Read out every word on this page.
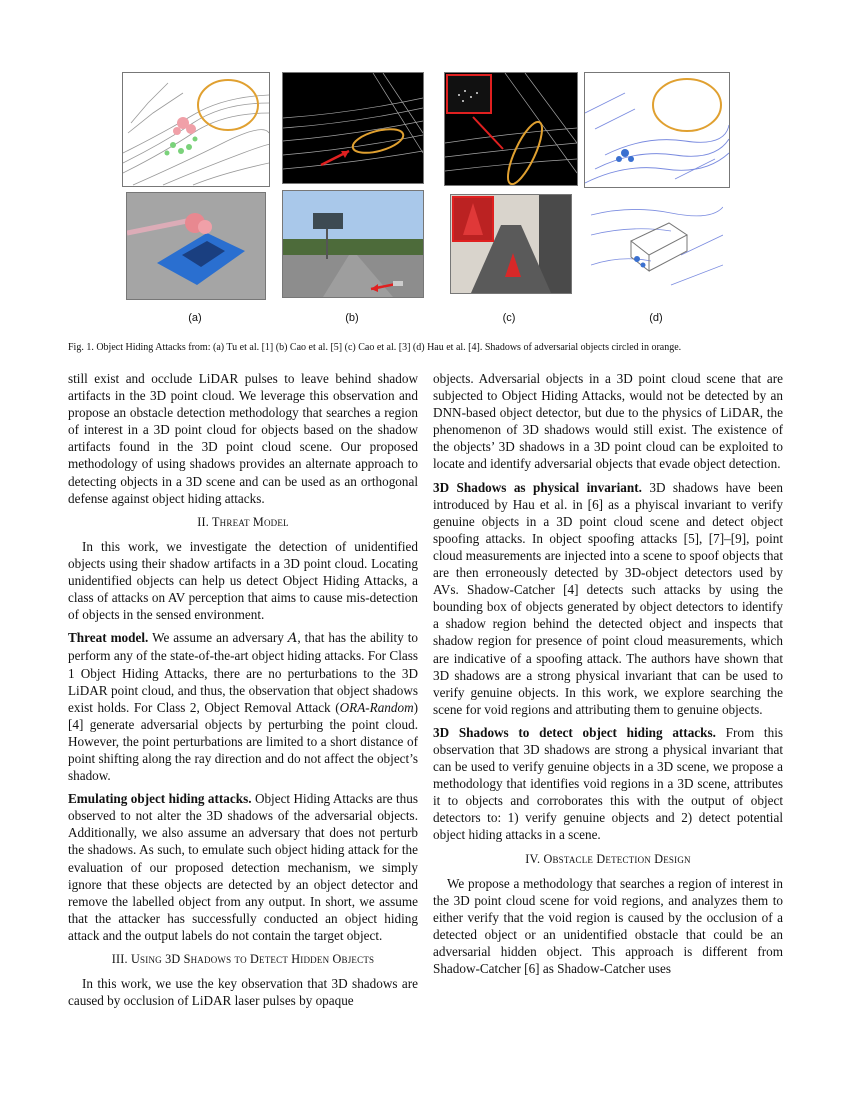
(a)	(b)	(c)	(d)
Fig. 1. Object Hiding Attacks from: (a) Tu et al. [1] (b) Cao et al. [5] (c) Cao et al. [3] (d) Hau et al. [4]. Shadows of adversarial objects circled in orange.

still exist and occlude LiDAR pulses to leave behind shadow artifacts in the 3D point cloud. We leverage this observation and propose an obstacle detection methodology that searches a region of interest in a 3D point cloud for objects based on the shadow artifacts found in the 3D point cloud scene. Our proposed methodology of using shadows provides an alternate approach to detecting objects in a 3D scene and can be used as an orthogonal defense against object hiding attacks.

II. Threat Model

In this work, we investigate the detection of unidentified objects using their shadow artifacts in a 3D point cloud. Locating unidentified objects can help us detect Object Hiding Attacks, a class of attacks on AV perception that aims to cause mis-detection of objects in the sensed environment.

Threat model. We assume an adversary A, that has the ability to perform any of the state-of-the-art object hiding attacks. For Class 1 Object Hiding Attacks, there are no perturbations to the 3D LiDAR point cloud, and thus, the observation that object shadows exist holds. For Class 2, Object Removal Attack (ORA-Random) [4] generate adversarial objects by perturbing the point cloud. However, the point perturbations are limited to a short distance of point shifting along the ray direction and do not affect the object’s shadow.

Emulating object hiding attacks. Object Hiding Attacks are thus observed to not alter the 3D shadows of the adversarial objects. Additionally, we also assume an adversary that does not perturb the shadows. As such, to emulate such object hiding attack for the evaluation of our proposed detection mechanism, we simply ignore that these objects are detected by an object detector and remove the labelled object from any output. In short, we assume that the attacker has successfully conducted an object hiding attack and the output labels do not contain the target object.

III. Using 3D Shadows to Detect Hidden Objects

In this work, we use the key observation that 3D shadows are caused by occlusion of LiDAR laser pulses by opaque

objects. Adversarial objects in a 3D point cloud scene that are subjected to Object Hiding Attacks, would not be detected by an DNN-based object detector, but due to the physics of LiDAR, the phenomenon of 3D shadows would still exist. The existence of the objects’ 3D shadows in a 3D point cloud can be exploited to locate and identify adversarial objects that evade object detection.

3D Shadows as physical invariant. 3D shadows have been introduced by Hau et al. in [6] as a phyiscal invariant to verify genuine objects in a 3D point cloud scene and detect object spoofing attacks. In object spoofing attacks [5], [7]–[9], point cloud measurements are injected into a scene to spoof objects that are then erroneously detected by 3D-object detectors used by AVs. Shadow-Catcher [4] detects such attacks by using the bounding box of objects generated by object detectors to identify a shadow region behind the detected object and inspects that shadow region for presence of point cloud measurements, which are indicative of a spoofing attack. The authors have shown that 3D shadows are a strong physical invariant that can be used to verify genuine objects. In this work, we explore searching the scene for void regions and attributing them to genuine objects.

3D Shadows to detect object hiding attacks. From this observation that 3D shadows are strong a physical invariant that can be used to verify genuine objects in a 3D scene, we propose a methodology that identifies void regions in a 3D scene, attributes it to objects and corroborates this with the output of object detectors to: 1) verify genuine objects and 2) detect potential object hiding attacks in a scene.

IV. Obstacle Detection Design

We propose a methodology that searches a region of interest in the 3D point cloud scene for void regions, and analyzes them to either verify that the void region is caused by the occlusion of a detected object or an unidentified obstacle that could be an adversarial hidden object. This approach is different from Shadow-Catcher [6] as Shadow-Catcher uses
